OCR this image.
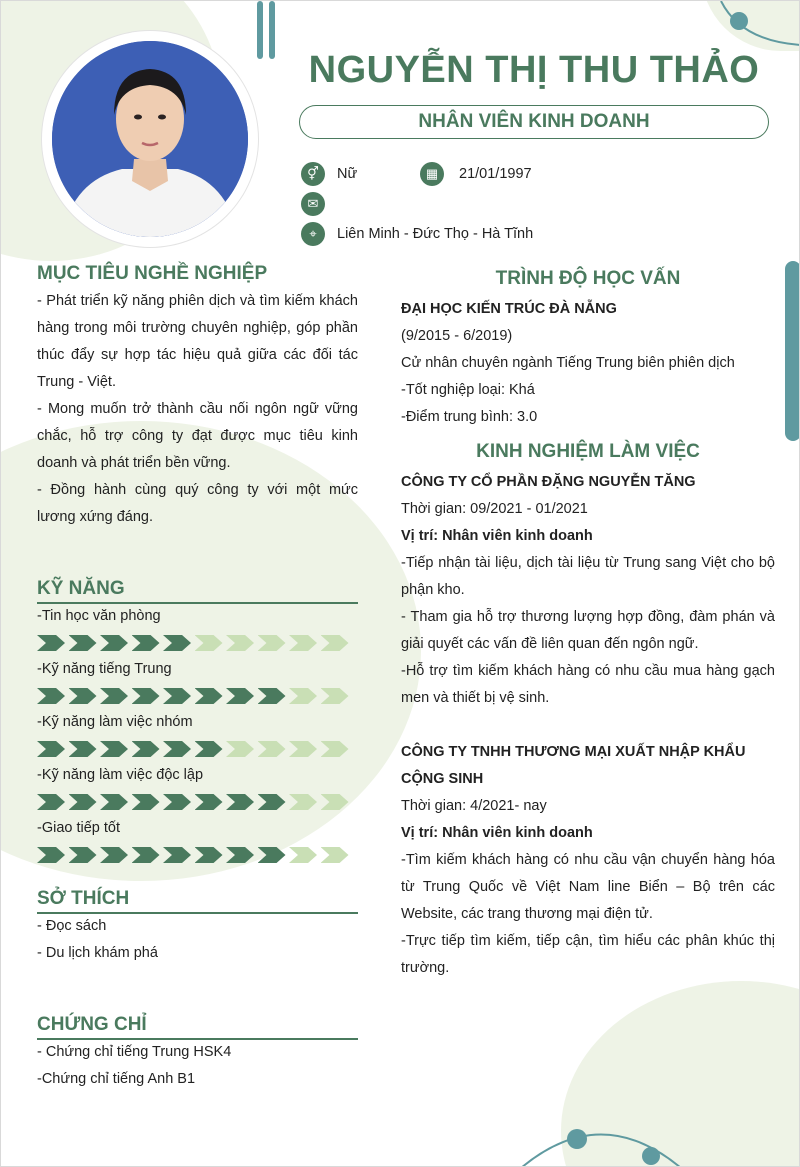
NGUYỄN THỊ THU THẢO
NHÂN VIÊN KINH DOANH
⚥	Nữ	▦	21/01/1997
✉
⌖	Liên Minh - Đức Thọ - Hà Tĩnh
MỤC TIÊU NGHỀ NGHIỆP
- Phát triển kỹ năng phiên dịch và tìm kiếm khách hàng trong môi trường chuyên nghiệp, góp phần thúc đẩy sự hợp tác hiệu quả giữa các đối tác Trung - Việt.
- Mong muốn trở thành cầu nối ngôn ngữ vững chắc, hỗ trợ công ty đạt được mục tiêu kinh doanh và phát triển bền vững.
- Đồng hành cùng quý công ty với một mức lương xứng đáng.
KỸ NĂNG
-Tin học văn phòng
-Kỹ năng tiếng Trung
-Kỹ năng làm việc nhóm
-Kỹ năng làm việc độc lập
-Giao tiếp tốt
SỞ THÍCH
- Đọc sách
- Du lịch khám phá
CHỨNG CHỈ
- Chứng chỉ tiếng Trung HSK4
-Chứng chỉ tiếng Anh B1
TRÌNH ĐỘ HỌC VẤN
ĐẠI HỌC KIẾN TRÚC ĐÀ NẴNG
(9/2015 - 6/2019)
Cử nhân chuyên ngành Tiếng Trung biên phiên dịch
-Tốt nghiệp loại: Khá
-Điểm trung bình: 3.0
KINH NGHIỆM LÀM VIỆC
CÔNG TY CỔ PHẦN ĐẶNG NGUYỄN TĂNG
Thời gian: 09/2021 - 01/2021
Vị trí: Nhân viên kinh doanh
-Tiếp nhận tài liệu, dịch tài liệu từ Trung sang Việt cho bộ phận kho.
- Tham gia hỗ trợ thương lượng hợp đồng, đàm phán và giải quyết các vấn đề liên quan đến ngôn ngữ.
-Hỗ trợ tìm kiếm khách hàng có nhu cầu mua hàng gạch men và thiết bị vệ sinh.
CÔNG TY TNHH THƯƠNG MẠI XUẤT NHẬP KHẨU CỘNG SINH
Thời gian: 4/2021- nay
Vị trí: Nhân viên kinh doanh
-Tìm kiếm khách hàng có nhu cầu vận chuyển hàng hóa từ Trung Quốc về Việt Nam line Biển – Bộ trên các Website, các trang thương mại điện tử.
-Trực tiếp tìm kiếm, tiếp cận, tìm hiểu các phân khúc thị trường.
